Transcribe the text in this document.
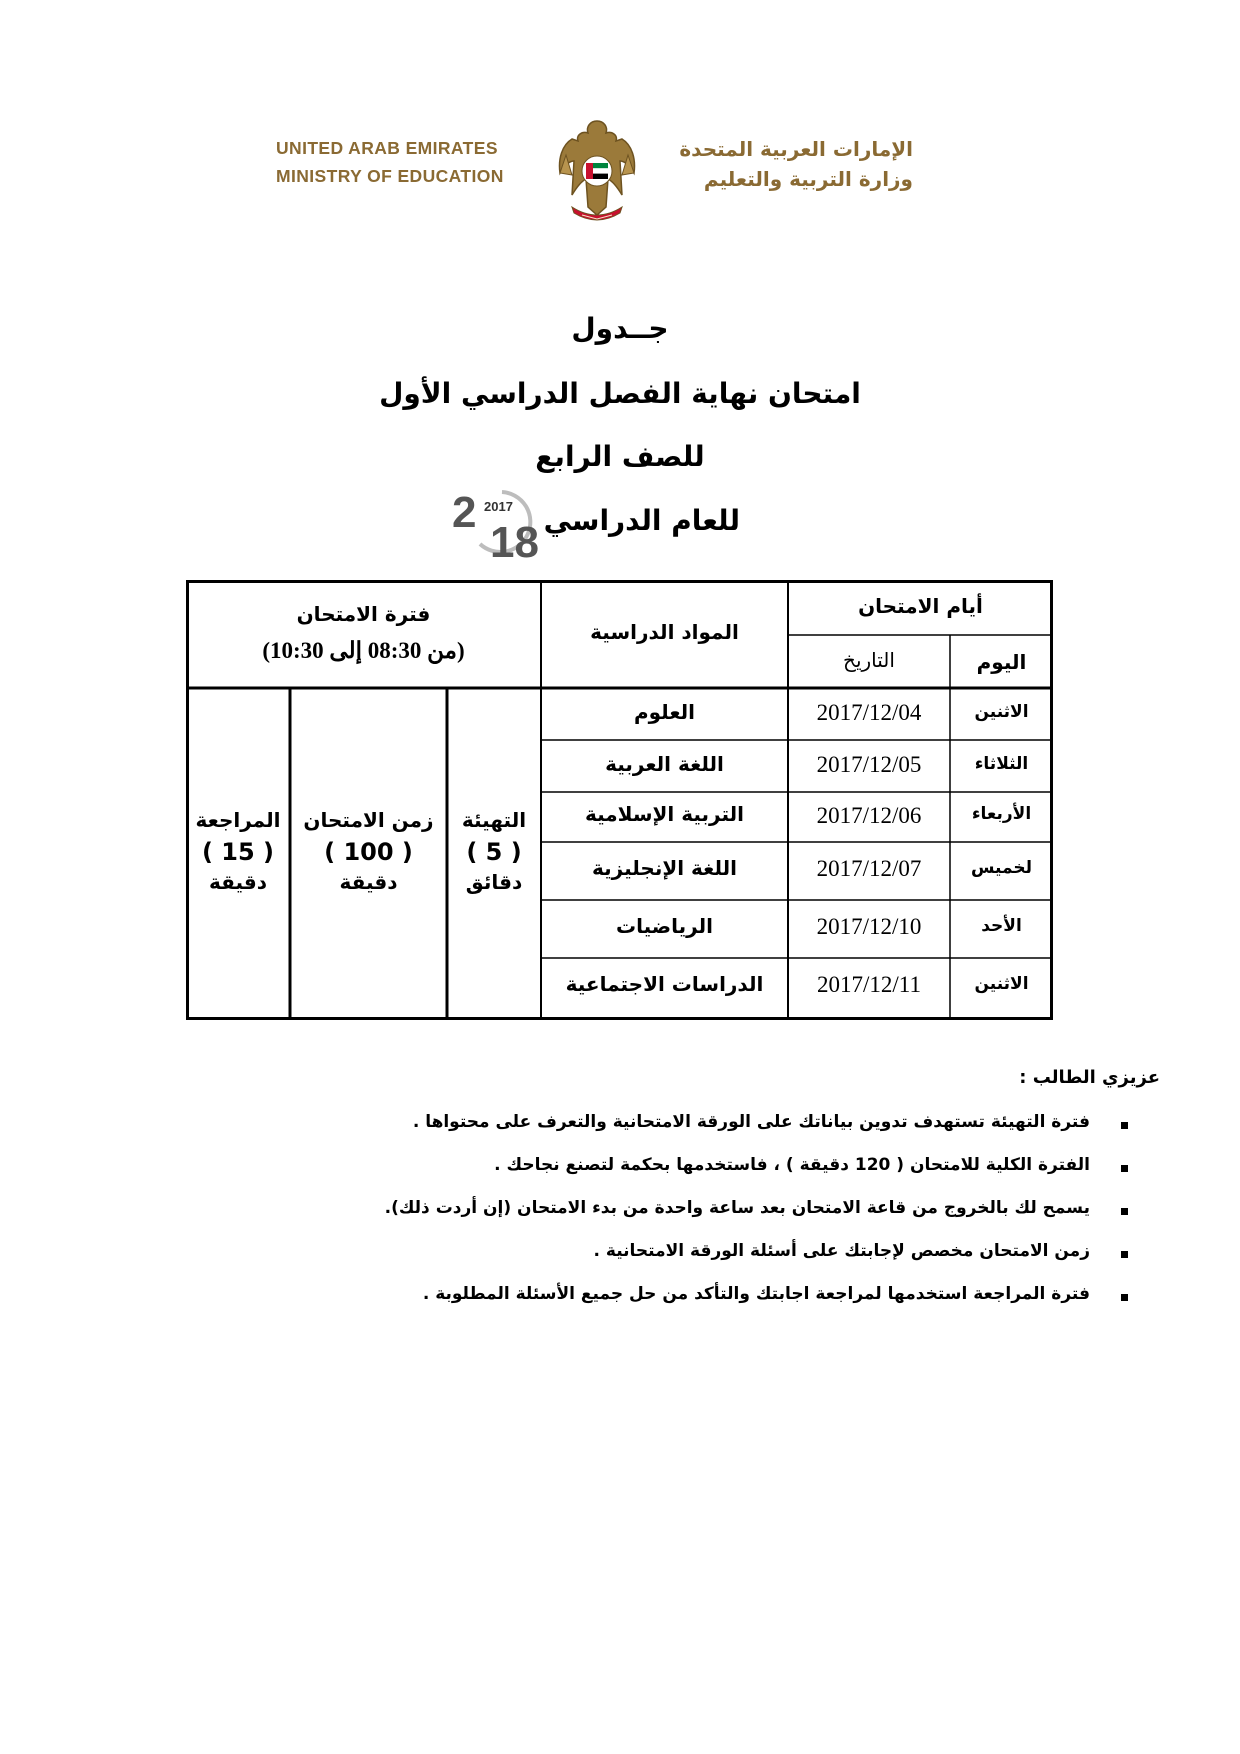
UNITED ARAB EMIRATES
MINISTRY OF EDUCATION
الإمارات العربية المتحدة
وزارة التربية والتعليم
جــدول
امتحان نهاية الفصل الدراسي الأول
للصف الرابع
للعام الدراسي
2 2017
18
فترة الامتحان
(من 08:30 إلى 10:30)
المواد الدراسية
أيام الامتحان
التاريخ	اليوم
الاثنين
2017/12/04
العلوم
الثلاثاء
2017/12/05
اللغة العربية
الأربعاء
2017/12/06
التربية الإسلامية
لخميس
2017/12/07
اللغة الإنجليزية
الأحد
2017/12/10
الرياضيات
الاثنين
2017/12/11
الدراسات الاجتماعية
التهيئة
( 5 )
دقائق
زمن الامتحان
( 100 )
دقيقة
المراجعة
( 15 )
دقيقة
عزيزي الطالب :
فترة التهيئة تستهدف تدوين بياناتك على الورقة الامتحانية والتعرف على محتواها .
الفترة الكلية للامتحان ( 120 دقيقة ) ، فاستخدمها بحكمة لتصنع نجاحك .
يسمح لك بالخروج من قاعة الامتحان بعد ساعة واحدة من بدء الامتحان (إن أردت ذلك).
زمن الامتحان مخصص لإجابتك على أسئلة الورقة الامتحانية .
فترة المراجعة استخدمها لمراجعة اجابتك والتأكد من حل جميع الأسئلة المطلوبة .
